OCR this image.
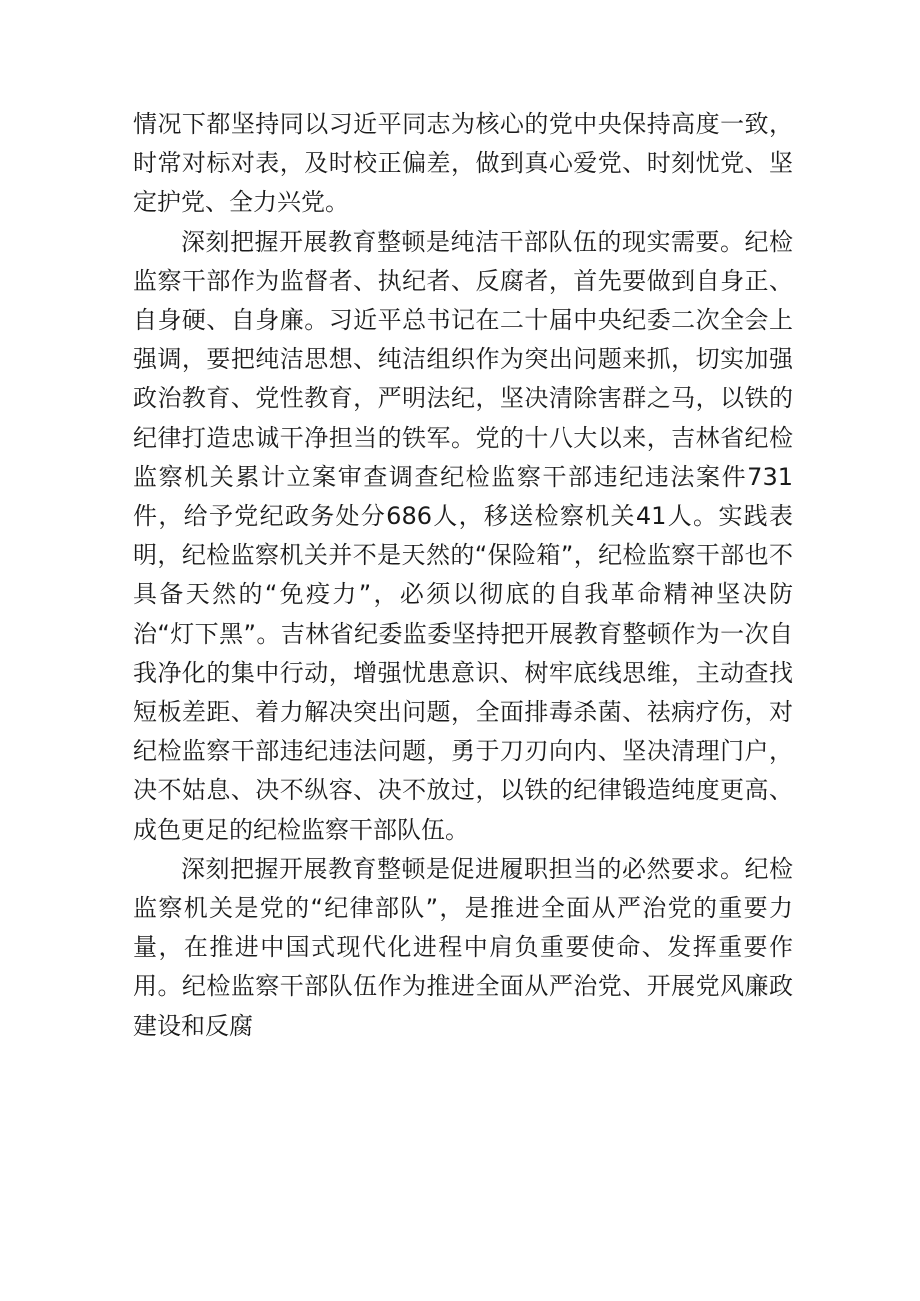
情况下都坚持同以习近平同志为核心的党中央保持高度一致，时常对标对表，及时校正偏差，做到真心爱党、时刻忧党、坚定护党、全力兴党。

深刻把握开展教育整顿是纯洁干部队伍的现实需要。纪检监察干部作为监督者、执纪者、反腐者，首先要做到自身正、自身硬、自身廉。习近平总书记在二十届中央纪委二次全会上强调，要把纯洁思想、纯洁组织作为突出问题来抓，切实加强政治教育、党性教育，严明法纪，坚决清除害群之马，以铁的纪律打造忠诚干净担当的铁军。党的十八大以来，吉林省纪检监察机关累计立案审查调查纪检监察干部违纪违法案件731件，给予党纪政务处分686人，移送检察机关41人。实践表明，纪检监察机关并不是天然的“保险箱”，纪检监察干部也不具备天然的“免疫力”，必须以彻底的自我革命精神坚决防治“灯下黑”。吉林省纪委监委坚持把开展教育整顿作为一次自我净化的集中行动，增强忧患意识、树牢底线思维，主动查找短板差距、着力解决突出问题，全面排毒杀菌、祛病疗伤，对纪检监察干部违纪违法问题，勇于刀刃向内、坚决清理门户，决不姑息、决不纵容、决不放过，以铁的纪律锻造纯度更高、成色更足的纪检监察干部队伍。

深刻把握开展教育整顿是促进履职担当的必然要求。纪检监察机关是党的“纪律部队”，是推进全面从严治党的重要力量，在推进中国式现代化进程中肩负重要使命、发挥重要作用。纪检监察干部队伍作为推进全面从严治党、开展党风廉政建设和反腐
